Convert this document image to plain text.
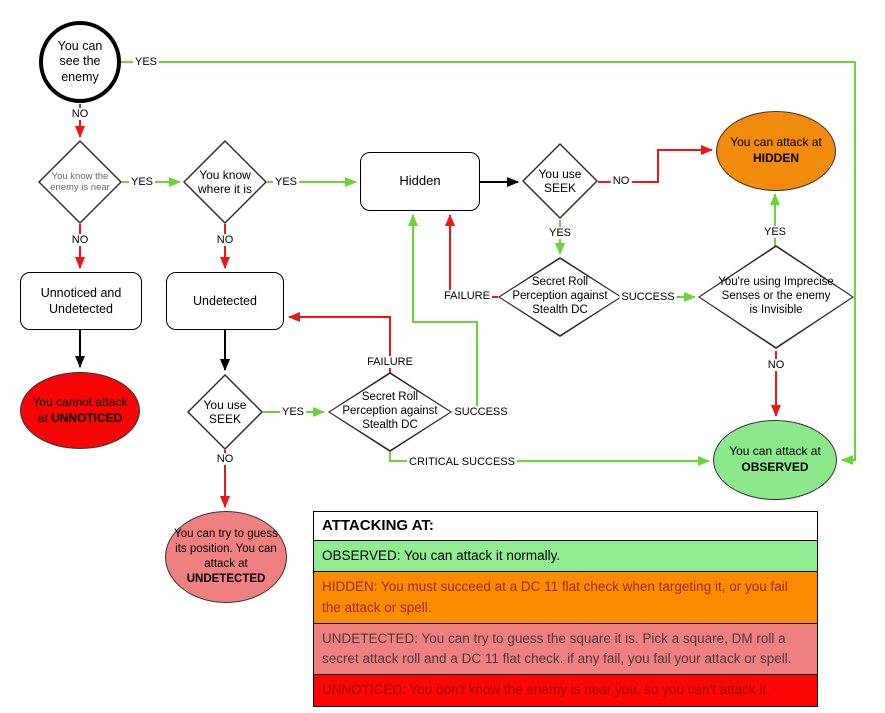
YES
NO
YES
NO
YES
NO
NO
YES
FAILURE	SUCCESS
YES
NO
YES
NO
FAILURE
SUCCESS
CRITICAL SUCCESS
You can see the enemy
You know the enemy is near
You know where it is
Hidden	You use SEEK
You can attack at HIDDEN
Secret Roll Perception against Stealth DC
You're using Imprecise Senses or the enemy is Invisible
Unnoticed and Undetected
Undetected
You cannot attack at UNNOTICED
You use SEEK
Secret Roll Perception against Stealth DC
You can try to guess its position. You can attack at UNDETECTED
You can attack at OBSERVED
ATTACKING AT:
OBSERVED: You can attack it normally.
HIDDEN: You must succeed at a DC 11 flat check when targeting it, or you fail the attack or spell.
UNDETECTED: You can try to guess the square it is. Pick a square, DM roll a secret attack roll and a DC 11 flat check. if any fail, you fail your attack or spell.
UNNOTICED: You don't know the enemy is near you, so you can't attack it.
